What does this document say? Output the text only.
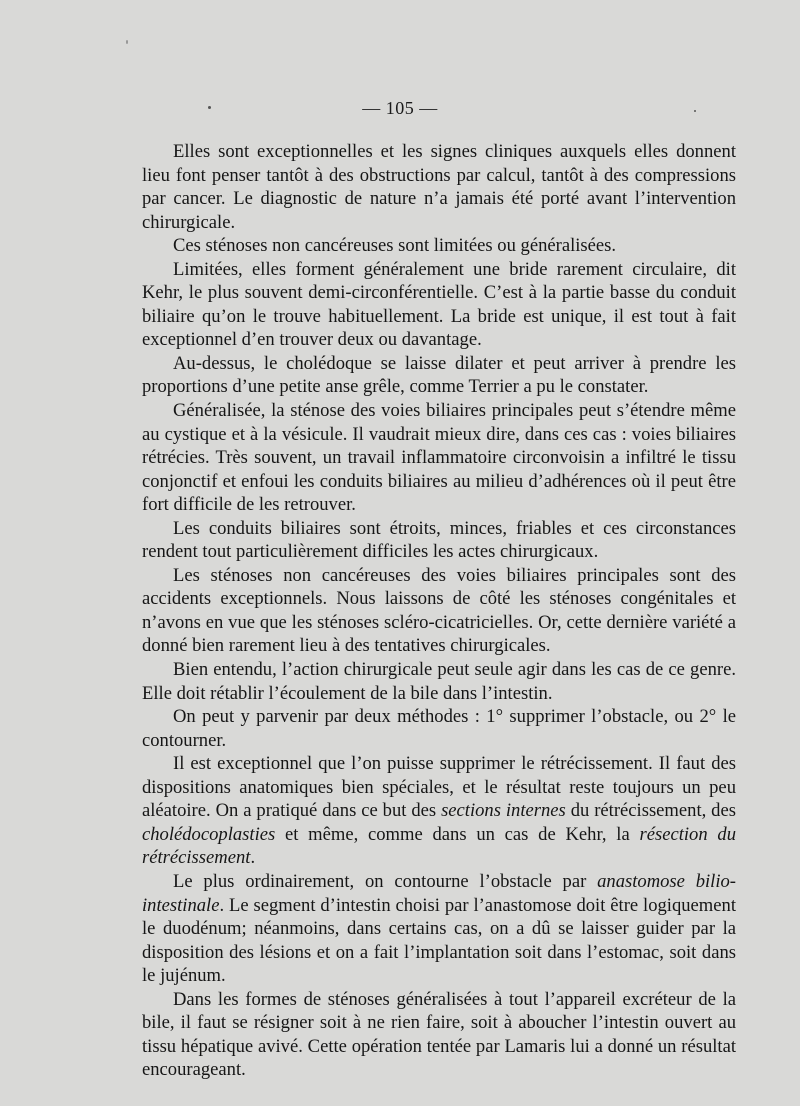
— 105 —

Elles sont exceptionnelles et les signes cliniques auxquels elles donnent lieu font penser tantôt à des obstructions par calcul, tantôt à des compressions par cancer. Le diagnostic de nature n’a jamais été porté avant l’intervention chirurgicale.

Ces sténoses non cancéreuses sont limitées ou généralisées.

Limitées, elles forment généralement une bride rarement circulaire, dit Kehr, le plus souvent demi-circonférentielle. C’est à la partie basse du conduit biliaire qu’on le trouve habituellement. La bride est unique, il est tout à fait exceptionnel d’en trouver deux ou davantage.

Au-dessus, le cholédoque se laisse dilater et peut arriver à prendre les proportions d’une petite anse grêle, comme Terrier a pu le constater.

Généralisée, la sténose des voies biliaires principales peut s’étendre même au cystique et à la vésicule. Il vaudrait mieux dire, dans ces cas : voies biliaires rétrécies. Très souvent, un travail inflammatoire circonvoisin a infiltré le tissu conjonctif et enfoui les conduits biliaires au milieu d’adhérences où il peut être fort difficile de les retrouver.

Les conduits biliaires sont étroits, minces, friables et ces circonstances rendent tout particulièrement difficiles les actes chirurgicaux.

Les sténoses non cancéreuses des voies biliaires principales sont des accidents exceptionnels. Nous laissons de côté les sténoses congénitales et n’avons en vue que les sténoses scléro-cicatricielles. Or, cette dernière variété a donné bien rarement lieu à des tentatives chirurgicales.

Bien entendu, l’action chirurgicale peut seule agir dans les cas de ce genre. Elle doit rétablir l’écoulement de la bile dans l’intestin.

On peut y parvenir par deux méthodes : 1° supprimer l’obstacle, ou 2° le contourner.

Il est exceptionnel que l’on puisse supprimer le rétrécissement. Il faut des dispositions anatomiques bien spéciales, et le résultat reste toujours un peu aléatoire. On a pratiqué dans ce but des sections internes du rétrécissement, des cholédocoplasties et même, comme dans un cas de Kehr, la résection du rétrécissement.

Le plus ordinairement, on contourne l’obstacle par anastomose bilio-intestinale. Le segment d’intestin choisi par l’anastomose doit être logiquement le duodénum; néanmoins, dans certains cas, on a dû se laisser guider par la disposition des lésions et on a fait l’implantation soit dans l’estomac, soit dans le jujénum.

Dans les formes de sténoses généralisées à tout l’appareil excréteur de la bile, il faut se résigner soit à ne rien faire, soit à aboucher l’intestin ouvert au tissu hépatique avivé. Cette opération tentée par Lamaris lui a donné un résultat encourageant.
